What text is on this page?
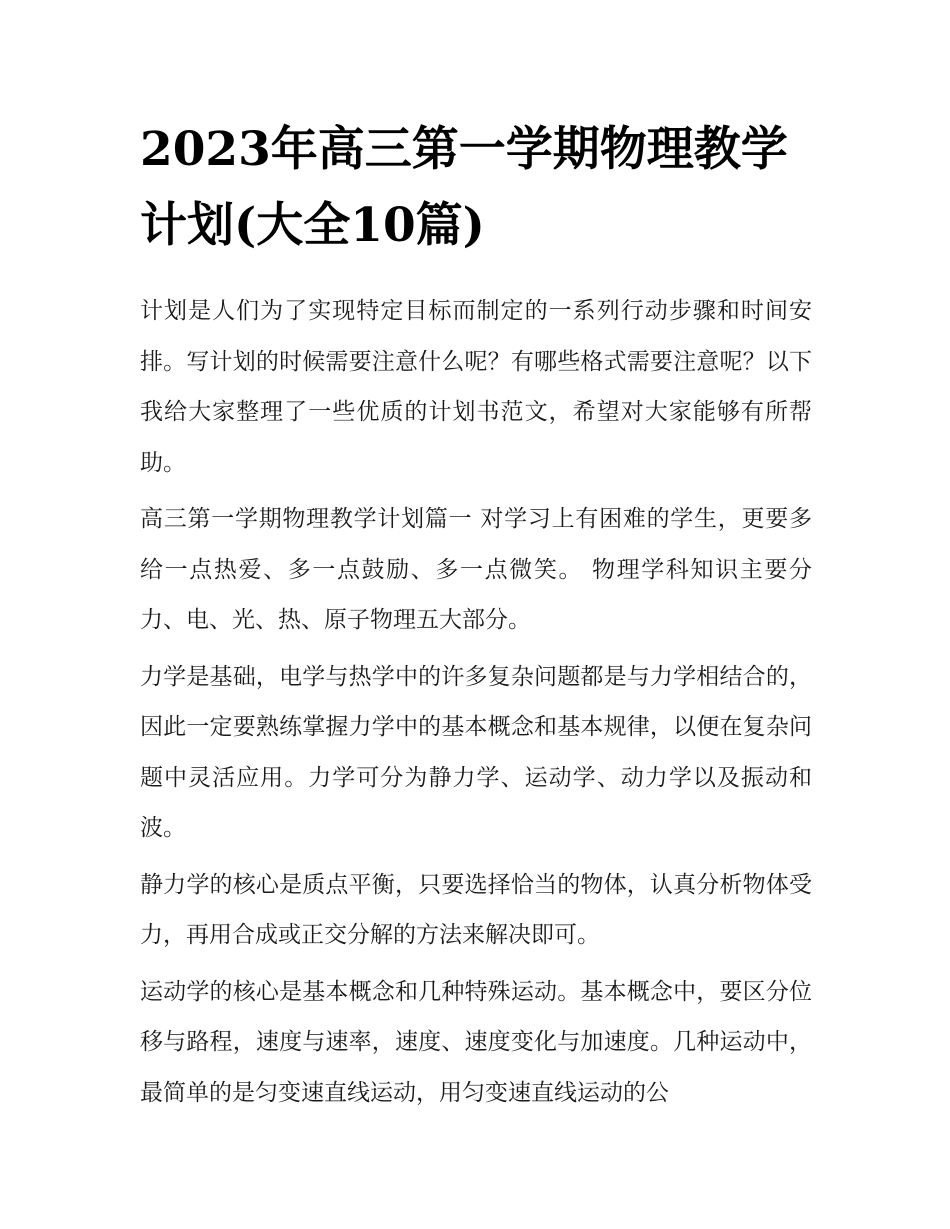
2023年高三第一学期物理教学计划(大全10篇)

计划是人们为了实现特定目标而制定的一系列行动步骤和时间安排。写计划的时候需要注意什么呢？有哪些格式需要注意呢？以下我给大家整理了一些优质的计划书范文，希望对大家能够有所帮助。

高三第一学期物理教学计划篇一 对学习上有困难的学生，更要多给一点热爱、多一点鼓励、多一点微笑。 物理学科知识主要分力、电、光、热、原子物理五大部分。

力学是基础，电学与热学中的许多复杂问题都是与力学相结合的，因此一定要熟练掌握力学中的基本概念和基本规律，以便在复杂问题中灵活应用。力学可分为静力学、运动学、动力学以及振动和波。

静力学的核心是质点平衡，只要选择恰当的物体，认真分析物体受力，再用合成或正交分解的方法来解决即可。

运动学的核心是基本概念和几种特殊运动。基本概念中，要区分位移与路程，速度与速率，速度、速度变化与加速度。几种运动中，最简单的是匀变速直线运动，用匀变速直线运动的公
